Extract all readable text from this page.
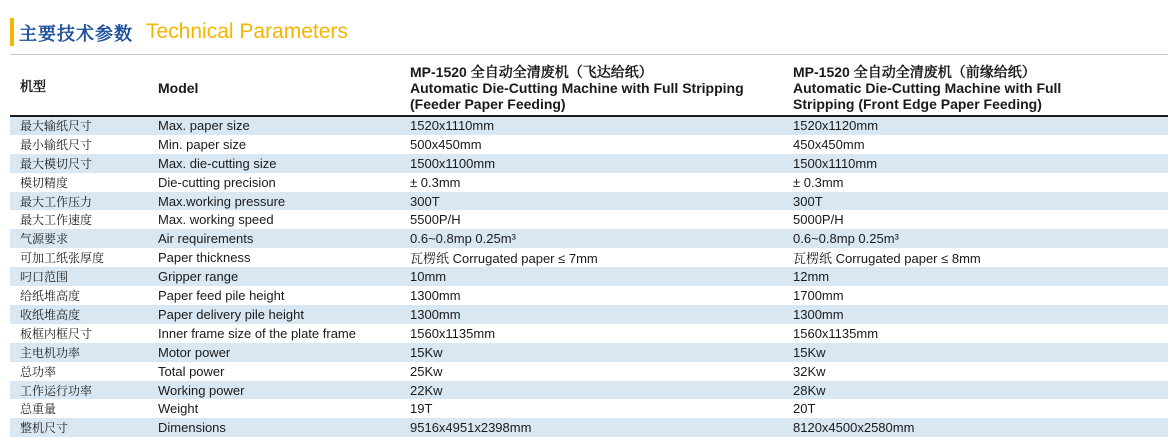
主要技术参数 Technical Parameters
机型	Model	MP-1520 全自动全清废机（飞达给纸）
Automatic Die-Cutting Machine with Full Stripping
(Feeder Paper Feeding)	MP-1520 全自动全清废机（前缘给纸）
Automatic Die-Cutting Machine with Full
Stripping (Front Edge Paper Feeding)

最大输纸尺寸	Max. paper size	1520x1110mm	1520x1120mm
最小输纸尺寸	Min. paper size	500x450mm	450x450mm
最大模切尺寸	Max. die-cutting size	1500x1100mm	1500x1110mm
模切精度	Die-cutting precision	± 0.3mm	± 0.3mm
最大工作压力	Max.working pressure	300T	300T
最大工作速度	Max. working speed	5500P/H	5000P/H
气源要求	Air requirements	0.6~0.8mp 0.25m³	0.6~0.8mp 0.25m³
可加工纸张厚度	Paper thickness	瓦楞纸 Corrugated paper ≤ 7mm	瓦楞纸 Corrugated paper ≤ 8mm
叼口范围	Gripper range	10mm	12mm
给纸堆高度	Paper feed pile height	1300mm	1700mm
收纸堆高度	Paper delivery pile height	1300mm	1300mm
板框内框尺寸	Inner frame size of the plate frame	1560x1135mm	1560x1135mm
主电机功率	Motor power	15Kw	15Kw
总功率	Total power	25Kw	32Kw
工作运行功率	Working power	22Kw	28Kw
总重量	Weight	19T	20T
整机尺寸	Dimensions	9516x4951x2398mm	8120x4500x2580mm
